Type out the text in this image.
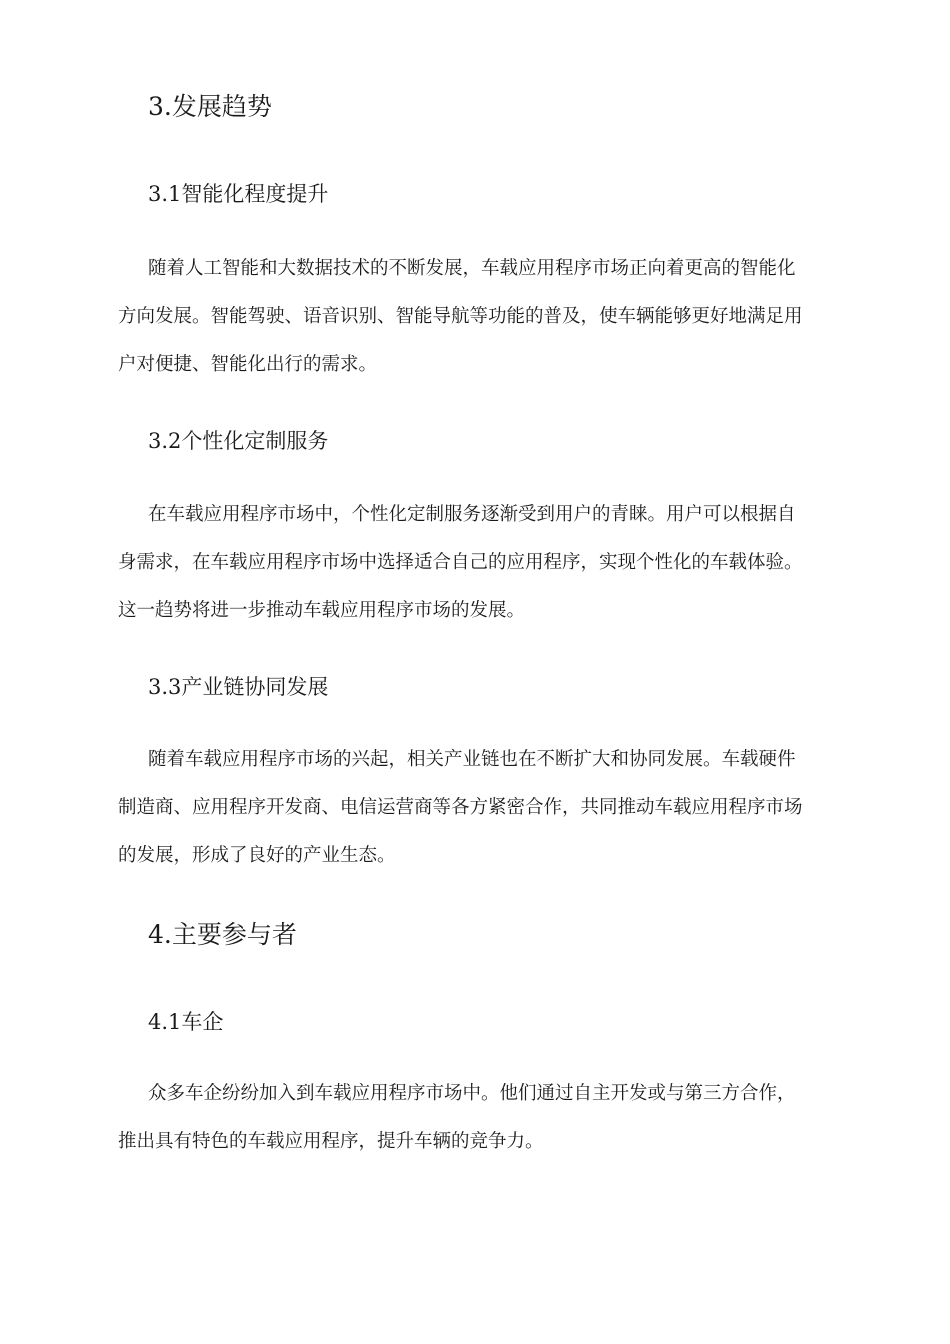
3.发展趋势
3.1智能化程度提升
随着人工智能和大数据技术的不断发展，车载应用程序市场正向着更高的智能化
方向发展。智能驾驶、语音识别、智能导航等功能的普及，使车辆能够更好地满足用
户对便捷、智能化出行的需求。
3.2个性化定制服务
在车载应用程序市场中，个性化定制服务逐渐受到用户的青睐。用户可以根据自
身需求，在车载应用程序市场中选择适合自己的应用程序，实现个性化的车载体验。
这一趋势将进一步推动车载应用程序市场的发展。
3.3产业链协同发展
随着车载应用程序市场的兴起，相关产业链也在不断扩大和协同发展。车载硬件
制造商、应用程序开发商、电信运营商等各方紧密合作，共同推动车载应用程序市场
的发展，形成了良好的产业生态。
4.主要参与者
4.1车企
众多车企纷纷加入到车载应用程序市场中。他们通过自主开发或与第三方合作，
推出具有特色的车载应用程序，提升车辆的竞争力。
